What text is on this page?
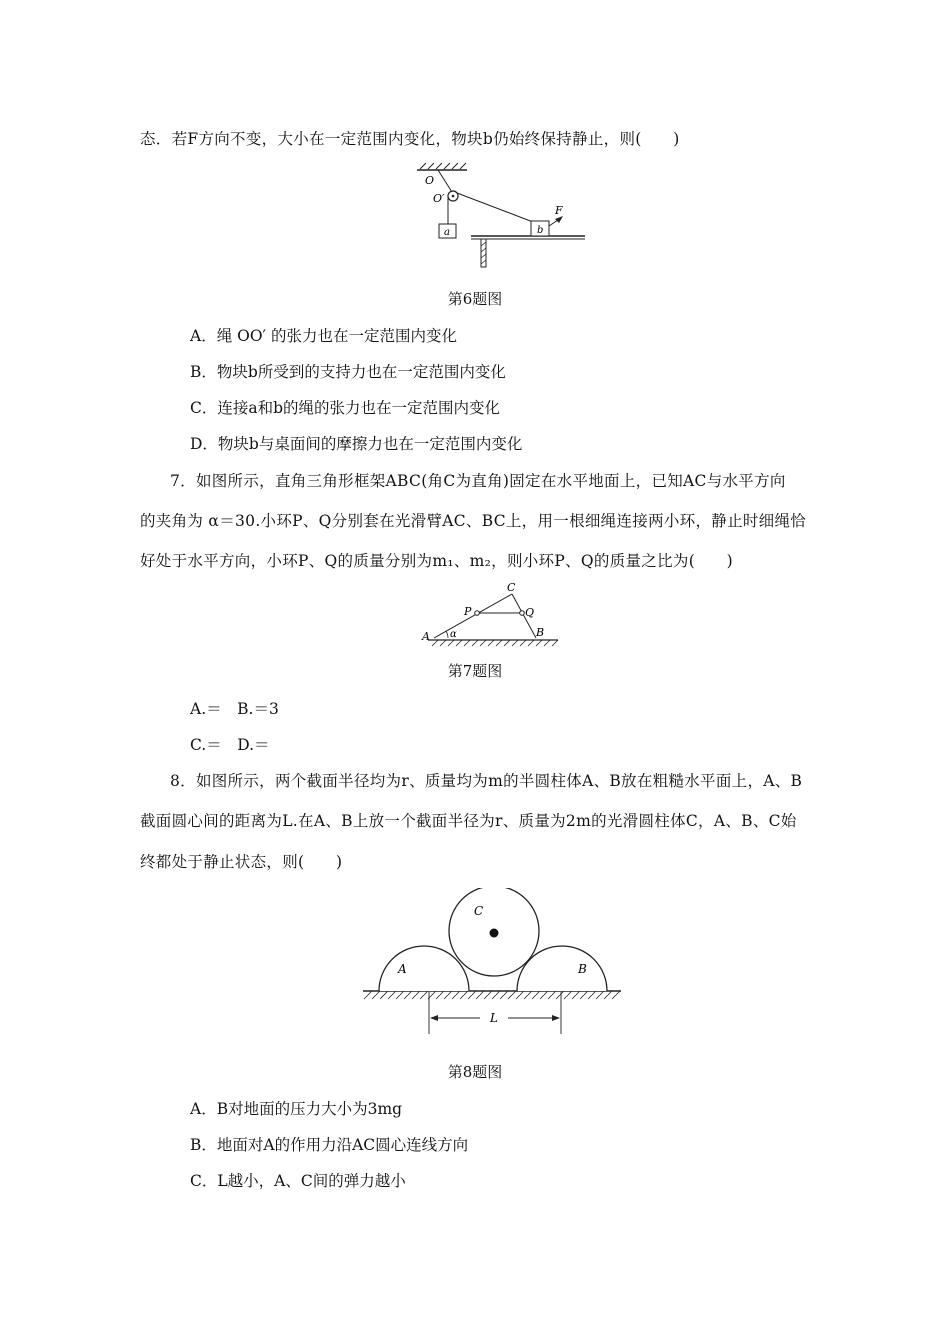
态．若F方向不变，大小在一定范围内变化，物块b仍始终保持静止，则(　　)
O
O′
a	b
F
第6题图
A．绳 OO′ 的张力也在一定范围内变化
B．物块b所受到的支持力也在一定范围内变化
C．连接a和b的绳的张力也在一定范围内变化
D．物块b与桌面间的摩擦力也在一定范围内变化
7．如图所示，直角三角形框架ABC(角C为直角)固定在水平地面上，已知AC与水平方向
的夹角为 α＝30.小环P、Q分别套在光滑臂AC、BC上，用一根细绳连接两小环，静止时细绳恰
好处于水平方向，小环P、Q的质量分别为m₁、m₂，则小环P、Q的质量之比为(　　)
A	B
C
P	Q
α
第7题图
A.＝　B.＝3
C.＝　D.＝
8．如图所示，两个截面半径均为r、质量均为m的半圆柱体A、B放在粗糙水平面上，A、B
截面圆心间的距离为L.在A、B上放一个截面半径为r、质量为2m的光滑圆柱体C，A、B、C始
终都处于静止状态，则(　　)
A	B
C
L
第8题图
A．B对地面的压力大小为3mg
B．地面对A的作用力沿AC圆心连线方向
C．L越小，A、C间的弹力越小
